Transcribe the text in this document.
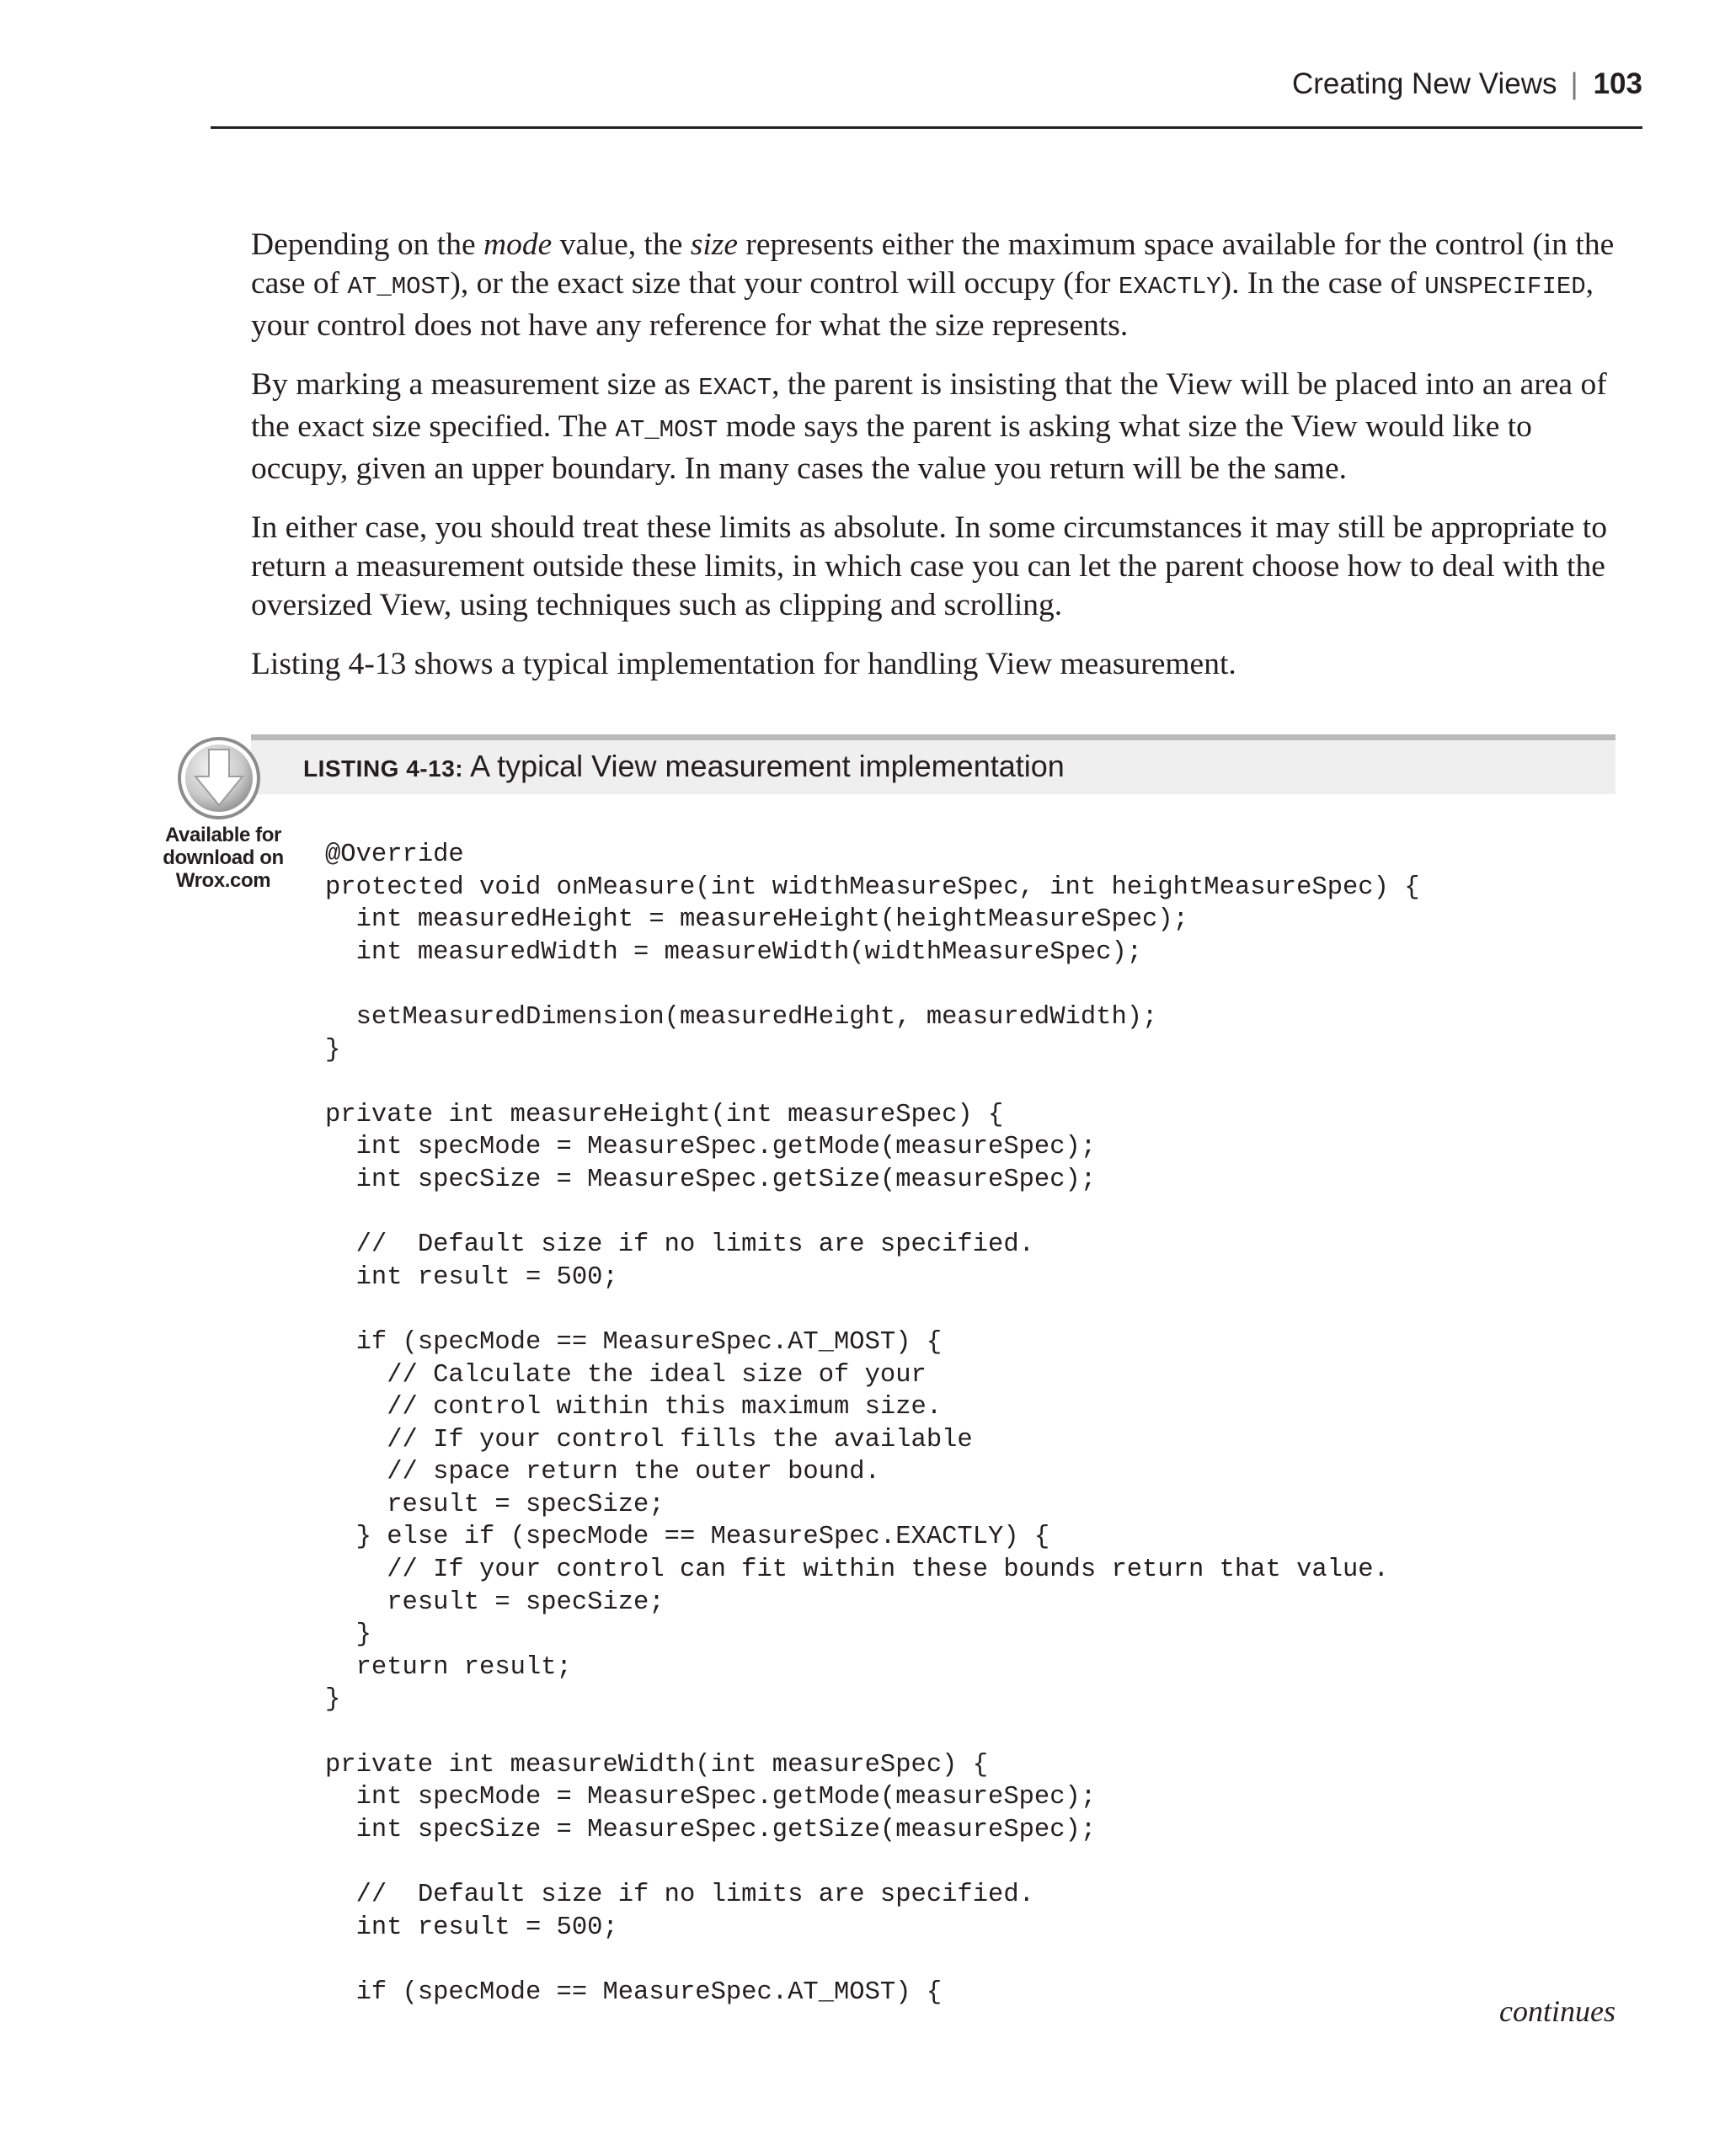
Creating New Views | 103

Depending on the mode value, the size represents either the maximum space available for the control (in the case of AT_MOST), or the exact size that your control will occupy (for EXACTLY). In the case of UNSPECIFIED, your control does not have any reference for what the size represents.

By marking a measurement size as EXACT, the parent is insisting that the View will be placed into an area of the exact size specified. The AT_MOST mode says the parent is asking what size the View would like to occupy, given an upper boundary. In many cases the value you return will be the same.

In either case, you should treat these limits as absolute. In some circumstances it may still be appropriate to return a measurement outside these limits, in which case you can let the parent choose how to deal with the oversized View, using techniques such as clipping and scrolling.

Listing 4-13 shows a typical implementation for handling View measurement.

LISTING 4-13: A typical View measurement implementation
Available for
download on
Wrox.com
@Override
protected void onMeasure(int widthMeasureSpec, int heightMeasureSpec) {
int measuredHeight = measureHeight(heightMeasureSpec);
int measuredWidth = measureWidth(widthMeasureSpec);

setMeasuredDimension(measuredHeight, measuredWidth);
}

private int measureHeight(int measureSpec) {
int specMode = MeasureSpec.getMode(measureSpec);
int specSize = MeasureSpec.getSize(measureSpec);

//  Default size if no limits are specified.
int result = 500;

if (specMode == MeasureSpec.AT_MOST) {
// Calculate the ideal size of your
// control within this maximum size.
// If your control fills the available
// space return the outer bound.
result = specSize;
} else if (specMode == MeasureSpec.EXACTLY) {
// If your control can fit within these bounds return that value.
result = specSize;
}
return result;
}

private int measureWidth(int measureSpec) {
int specMode = MeasureSpec.getMode(measureSpec);
int specSize = MeasureSpec.getSize(measureSpec);

//  Default size if no limits are specified.
int result = 500;

if (specMode == MeasureSpec.AT_MOST) {
continues
